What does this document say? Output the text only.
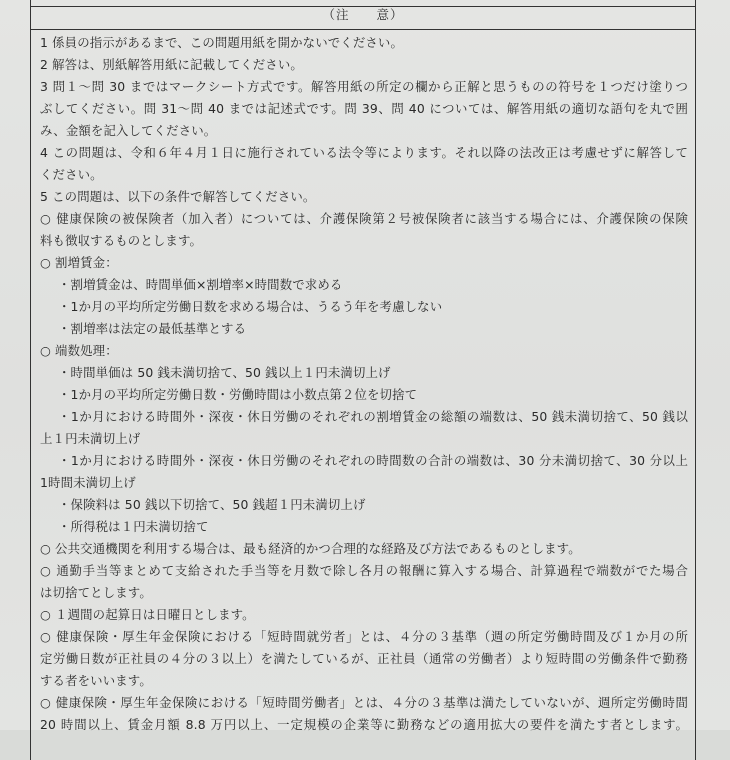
（注　　意）
1 係員の指示があるまで、この問題用紙を開かないでください。
2 解答は、別紙解答用紙に記載してください。
3 問１～問 30 まではマークシート方式です。解答用紙の所定の欄から正解と思うものの符号を１つだけ塗りつ
ぶしてください。問 31～問 40 までは記述式です。問 39、問 40 については、解答用紙の適切な語句を丸で囲
み、金額を記入してください。
4 この問題は、令和６年４月１日に施行されている法令等によります。それ以降の法改正は考慮せずに解答して
ください。
5 この問題は、以下の条件で解答してください。
○ 健康保険の被保険者（加入者）については、介護保険第２号被保険者に該当する場合には、介護保険の保険
料も徴収するものとします。
○ 割増賃金：
・割増賃金は、時間単価×割増率×時間数で求める
・1か月の平均所定労働日数を求める場合は、うるう年を考慮しない
・割増率は法定の最低基準とする
○ 端数処理：
・時間単価は 50 銭未満切捨て、50 銭以上１円未満切上げ
・1か月の平均所定労働日数・労働時間は小数点第２位を切捨て
・1か月における時間外・深夜・休日労働のそれぞれの割増賃金の総額の端数は、50 銭未満切捨て、50 銭以
上１円未満切上げ
・1か月における時間外・深夜・休日労働のそれぞれの時間数の合計の端数は、30 分未満切捨て、30 分以上
1時間未満切上げ
・保険料は 50 銭以下切捨て、50 銭超１円未満切上げ
・所得税は１円未満切捨て
○ 公共交通機関を利用する場合は、最も経済的かつ合理的な経路及び方法であるものとします。
○ 通勤手当等まとめて支給された手当等を月数で除し各月の報酬に算入する場合、計算過程で端数がでた場合
は切捨てとします。
○ １週間の起算日は日曜日とします。
○ 健康保険・厚生年金保険における「短時間就労者」とは、４分の３基準（週の所定労働時間及び１か月の所
定労働日数が正社員の４分の３以上）を満たしているが、正社員（通常の労働者）より短時間の労働条件で勤務
する者をいいます。
○ 健康保険・厚生年金保険における「短時間労働者」とは、４分の３基準は満たしていないが、週所定労働時間
20 時間以上、賃金月額 8.8 万円以上、一定規模の企業等に勤務などの適用拡大の要件を満たす者とします。
